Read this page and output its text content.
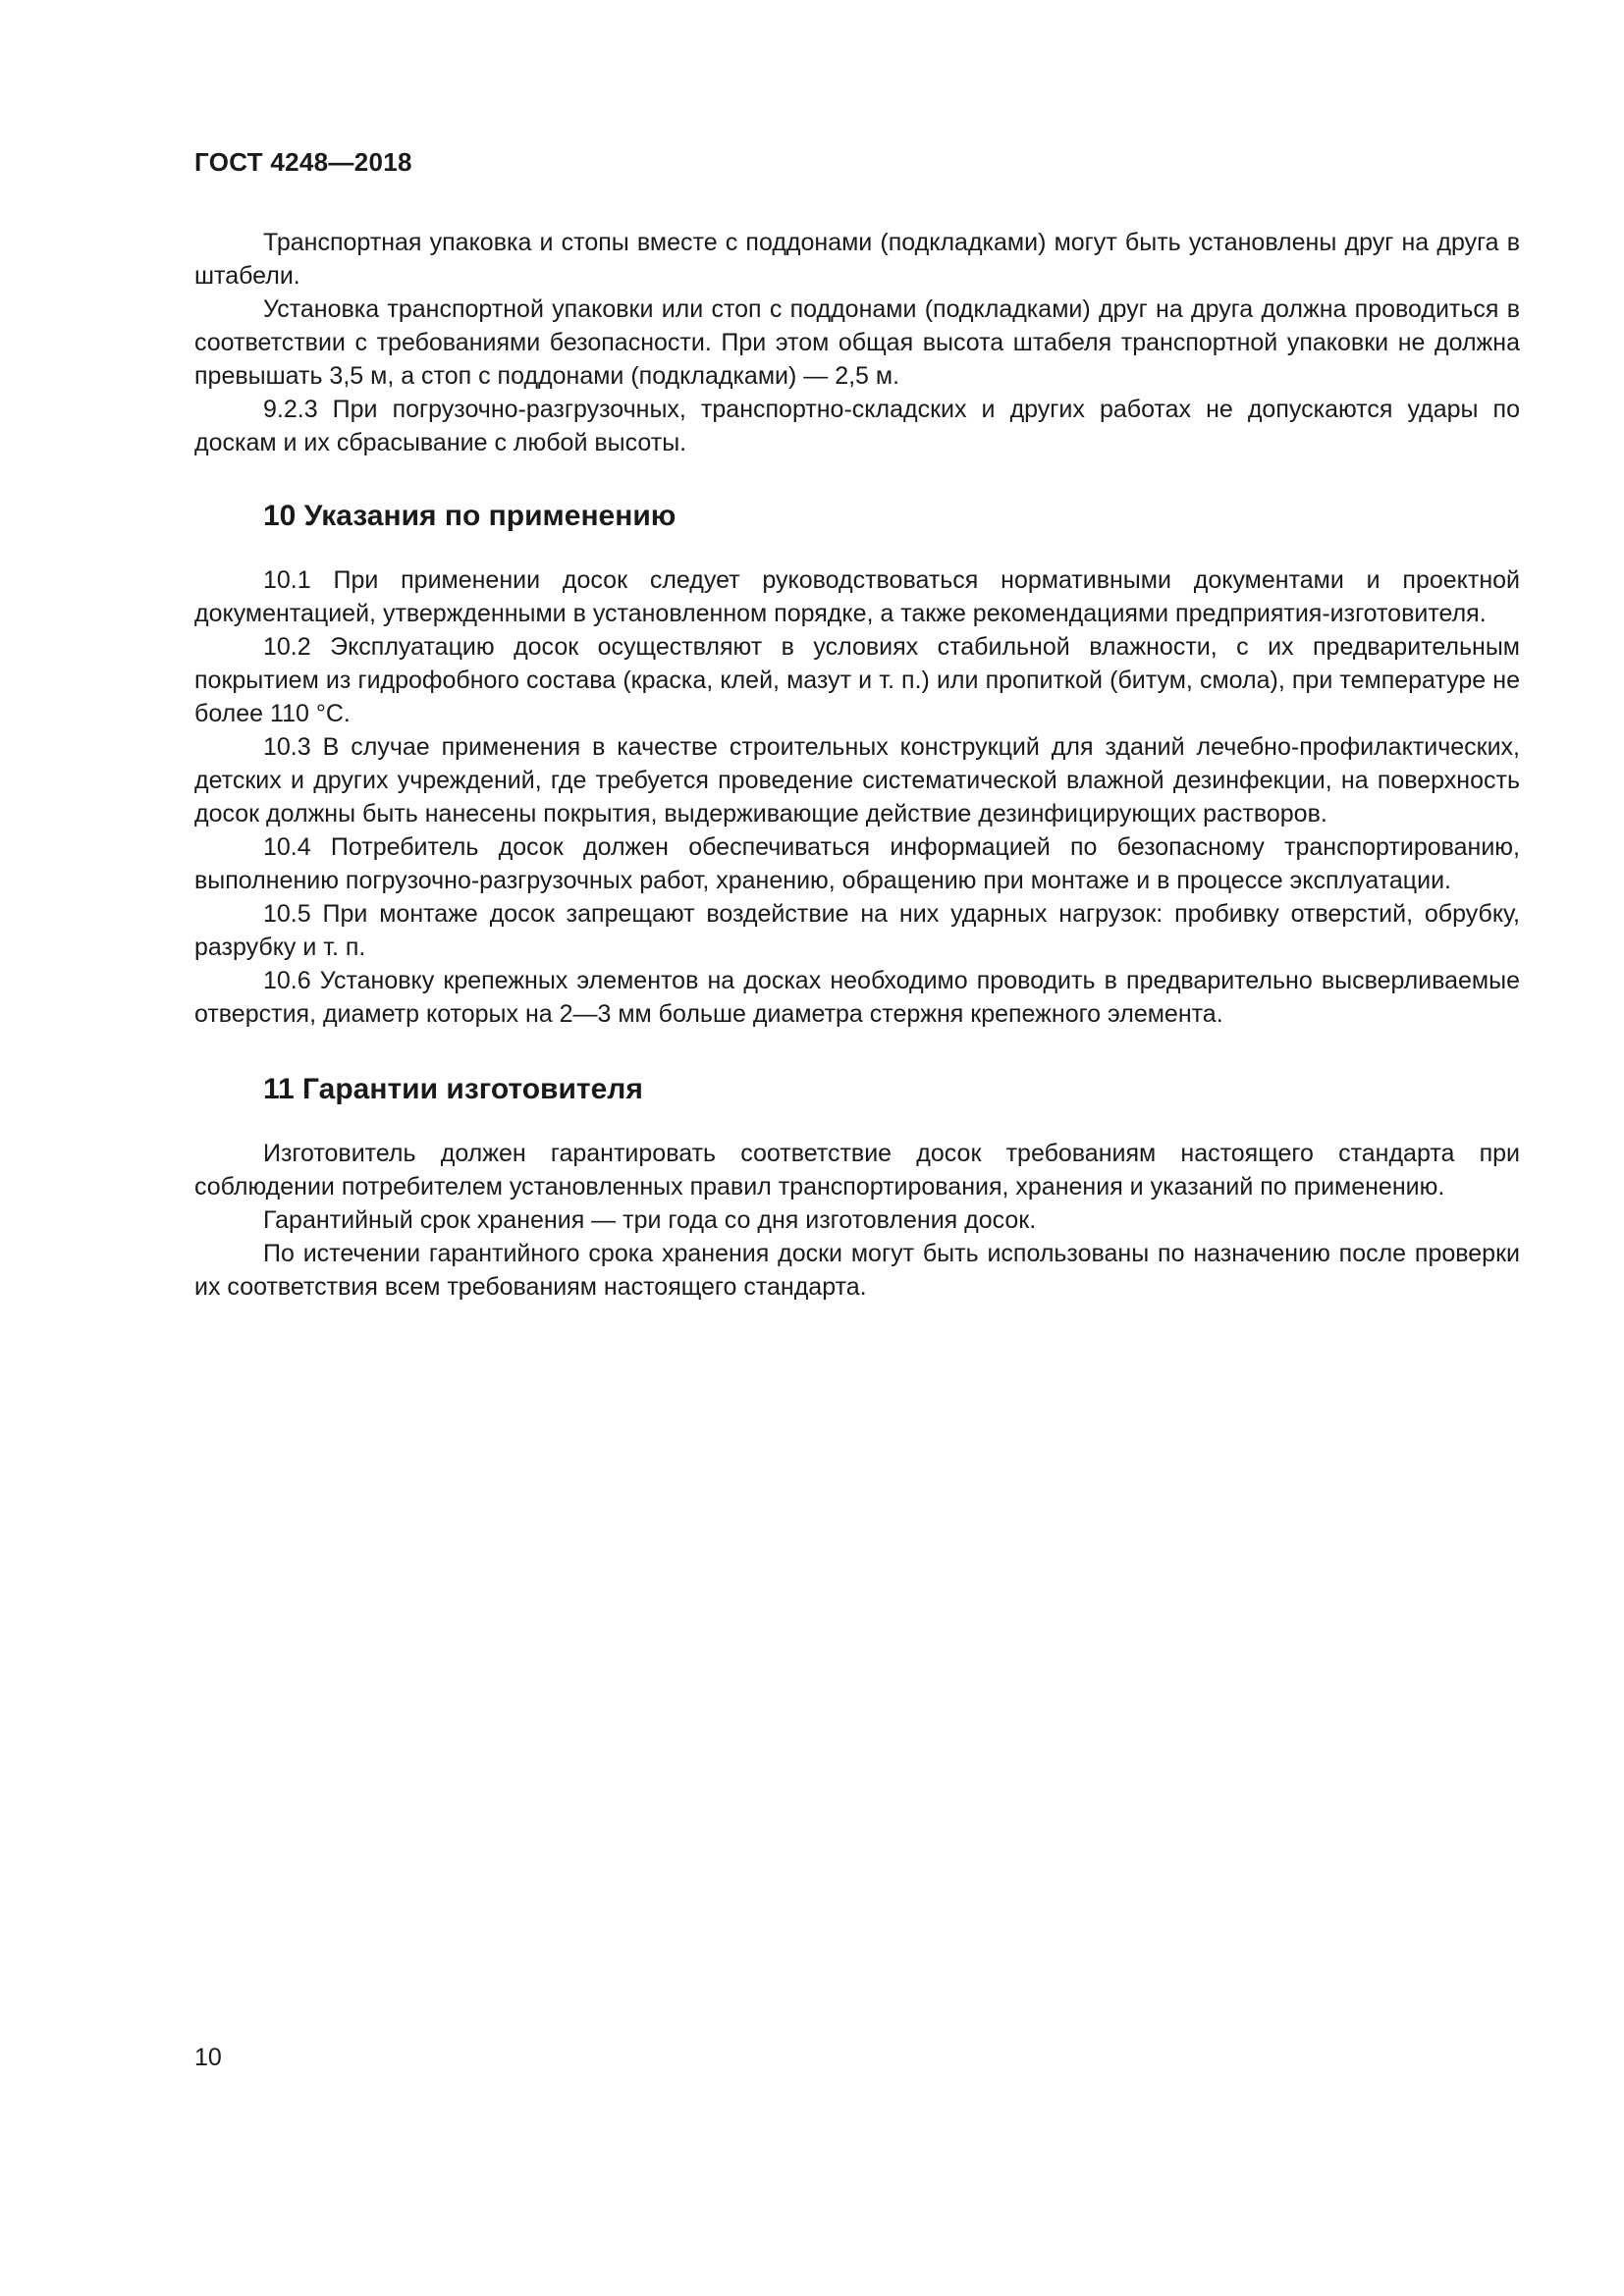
ГОСТ 4248—2018

Транспортная упаковка и стопы вместе с поддонами (подкладками) могут быть установлены друг на друга в штабели.

Установка транспортной упаковки или стоп с поддонами (подкладками) друг на друга должна проводиться в соответствии с требованиями безопасности. При этом общая высота штабеля транспортной упаковки не должна превышать 3,5 м, а стоп с поддонами (подкладками) — 2,5 м.

9.2.3 При погрузочно-разгрузочных, транспортно-складских и других работах не допускаются удары по доскам и их сбрасывание с любой высоты.

10 Указания по применению

10.1 При применении досок следует руководствоваться нормативными документами и проектной документацией, утвержденными в установленном порядке, а также рекомендациями предприятия-изготовителя.

10.2 Эксплуатацию досок осуществляют в условиях стабильной влажности, с их предварительным покрытием из гидрофобного состава (краска, клей, мазут и т. п.) или пропиткой (битум, смола), при температуре не более 110 °С.

10.3 В случае применения в качестве строительных конструкций для зданий лечебно-профилактических, детских и других учреждений, где требуется проведение систематической влажной дезинфекции, на поверхность досок должны быть нанесены покрытия, выдерживающие действие дезинфицирующих растворов.

10.4 Потребитель досок должен обеспечиваться информацией по безопасному транспортированию, выполнению погрузочно-разгрузочных работ, хранению, обращению при монтаже и в процессе эксплуатации.

10.5 При монтаже досок запрещают воздействие на них ударных нагрузок: пробивку отверстий, обрубку, разрубку и т. п.

10.6 Установку крепежных элементов на досках необходимо проводить в предварительно высверливаемые отверстия, диаметр которых на 2—3 мм больше диаметра стержня крепежного элемента.

11 Гарантии изготовителя

Изготовитель должен гарантировать соответствие досок требованиям настоящего стандарта при соблюдении потребителем установленных правил транспортирования, хранения и указаний по применению.

Гарантийный срок хранения — три года со дня изготовления досок.

По истечении гарантийного срока хранения доски могут быть использованы по назначению после проверки их соответствия всем требованиям настоящего стандарта.

10
